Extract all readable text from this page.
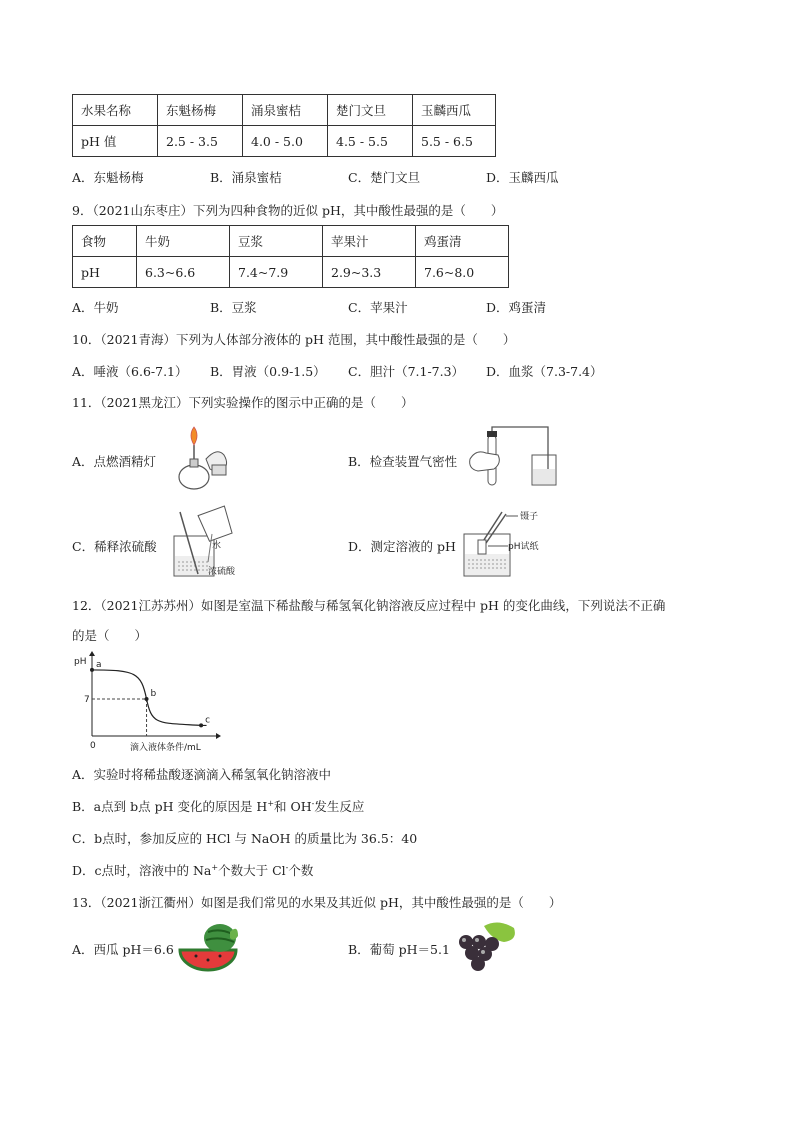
水果名称	东魁杨梅	涌泉蜜桔	楚门文旦	玉麟西瓜
pH 值	2.5 - 3.5	4.0 - 5.0	4.5 - 5.5	5.5 - 6.5
A．东魁杨梅	B．涌泉蜜桔	C．楚门文旦	D．玉麟西瓜
9．（2021山东枣庄）下列为四种食物的近似 pH，其中酸性最强的是（　　）
食物	牛奶	豆浆	苹果汁	鸡蛋清
pH	6.3~6.6	7.4~7.9	2.9~3.3	7.6~8.0
A．牛奶	B．豆浆	C．苹果汁	D．鸡蛋清
10．（2021青海）下列为人体部分液体的 pH 范围，其中酸性最强的是（　　）
A．唾液（6.6-7.1） B．胃液（0.9-1.5） C．胆汁（7.1-7.3） D．血浆（7.3-7.4）
11．（2021黑龙江）下列实验操作的图示中正确的是（　　）
A．点燃酒精灯	B．检查装置气密性
C．稀释浓硫酸	水
浓硫酸
D．测定溶液的 pH
镊子
pH试纸
12．（2021江苏苏州）如图是室温下稀盐酸与稀氢氧化钠溶液反应过程中 pH 的变化曲线，下列说法不正确
的是（　　）
a
b
c
pH
0
7
滴入液体条件/mL
A．实验时将稀盐酸逐滴滴入稀氢氧化钠溶液中
B．a点到 b点 pH 变化的原因是 H+和 OH-发生反应
C．b点时，参加反应的 HCl 与 NaOH 的质量比为 36.5：40
D．c点时，溶液中的 Na+个数大于 Cl-个数
13．（2021浙江衢州）如图是我们常见的水果及其近似 pH，其中酸性最强的是（　　）
A．西瓜 pH＝6.6	B．葡萄 pH＝5.1
